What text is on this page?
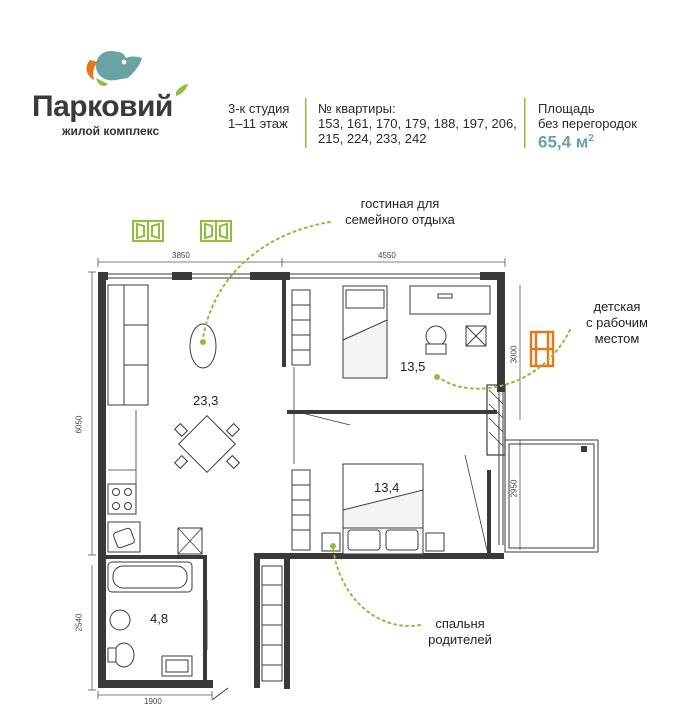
Парковий
жилой комплекс
3-к студия
1–11 этаж
№ квартиры:
153, 161, 170, 179, 188, 197, 206,
215, 224, 233, 242
Площадь
без перегородок
65,4 $м^2$
гостиная для
семейного отдыха
детская
с рабочим
местом
спальня
родителей
23,3
13,5
13,4
4,8
3850	4550
6050
2540
1900
3000
2950
